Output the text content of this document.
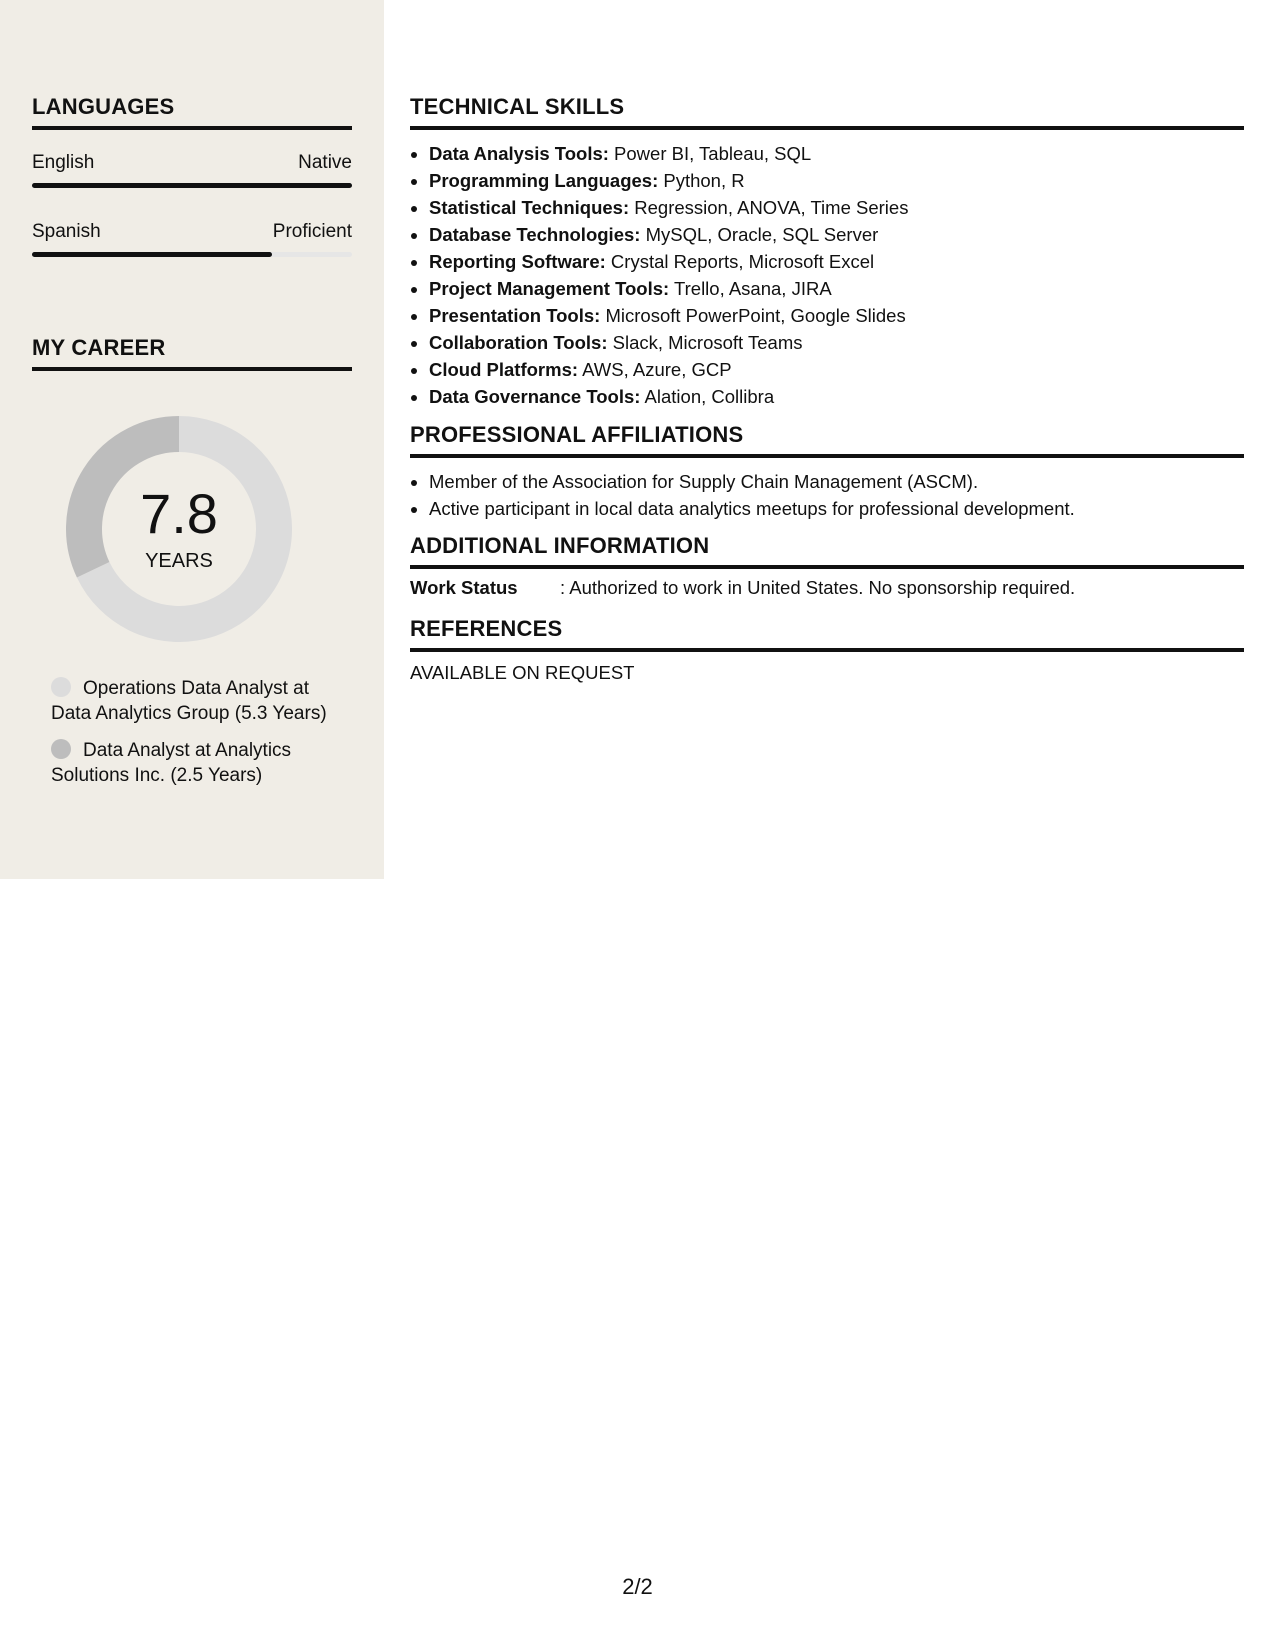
LANGUAGES
English	Native
Spanish	Proficient
MY CAREER
7.8
YEARS
Operations Data Analyst at Data Analytics Group (5.3 Years)
Data Analyst at Analytics Solutions Inc. (2.5 Years)
TECHNICAL SKILLS
• Data Analysis Tools: Power BI, Tableau, SQL
• Programming Languages: Python, R
• Statistical Techniques: Regression, ANOVA, Time Series
• Database Technologies: MySQL, Oracle, SQL Server
• Reporting Software: Crystal Reports, Microsoft Excel
• Project Management Tools: Trello, Asana, JIRA
• Presentation Tools: Microsoft PowerPoint, Google Slides
• Collaboration Tools: Slack, Microsoft Teams
• Cloud Platforms: AWS, Azure, GCP
• Data Governance Tools: Alation, Collibra
PROFESSIONAL AFFILIATIONS
• Member of the Association for Supply Chain Management (ASCM).
• Active participant in local data analytics meetups for professional development.
ADDITIONAL INFORMATION
Work Status : Authorized to work in United States. No sponsorship required.
REFERENCES
AVAILABLE ON REQUEST
2/2
